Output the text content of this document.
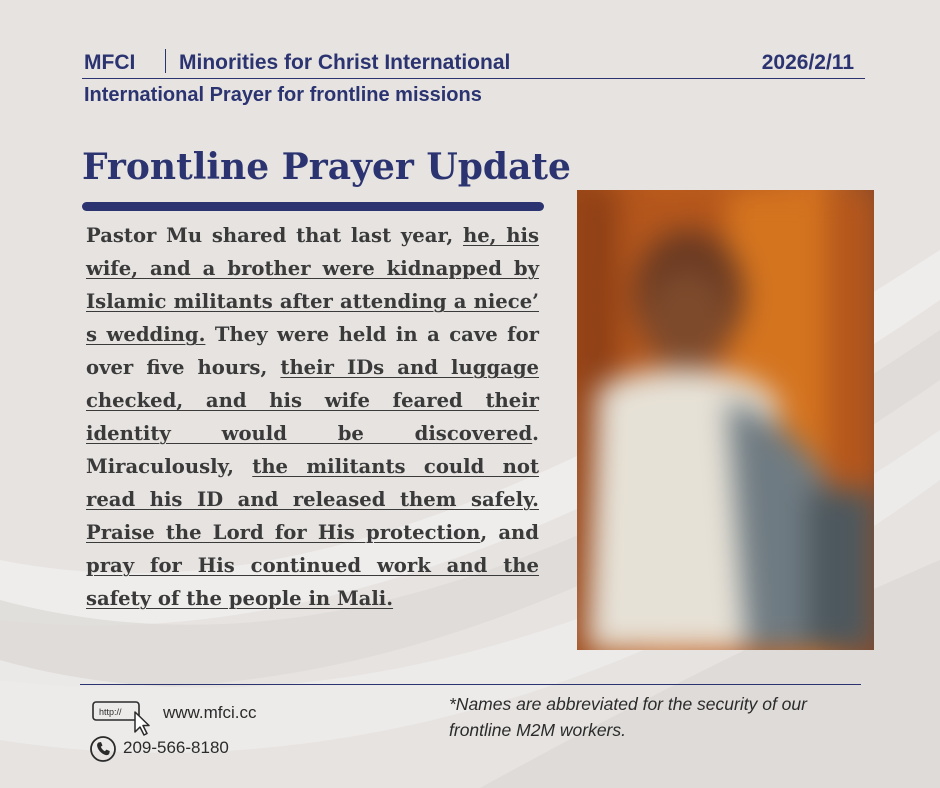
MFCI Minorities for Christ International	2026/2/11
International Prayer for frontline missions
Frontline Prayer Update
Pastor Mu shared that last year, he, his wife, and a brother were kidnapped by Islamic militants after attending a niece’ s wedding. They were held in a cave for over five hours, their IDs and luggage checked, and his wife feared their identity would be discovered. Miraculously, the militants could not read his ID and released them safely. Praise the Lord for His protection, and pray for His continued work and the safety of the people in Mali.
http:// www.mfci.cc
209-566-8180
*Names are abbreviated for the security of our frontline M2M workers.
